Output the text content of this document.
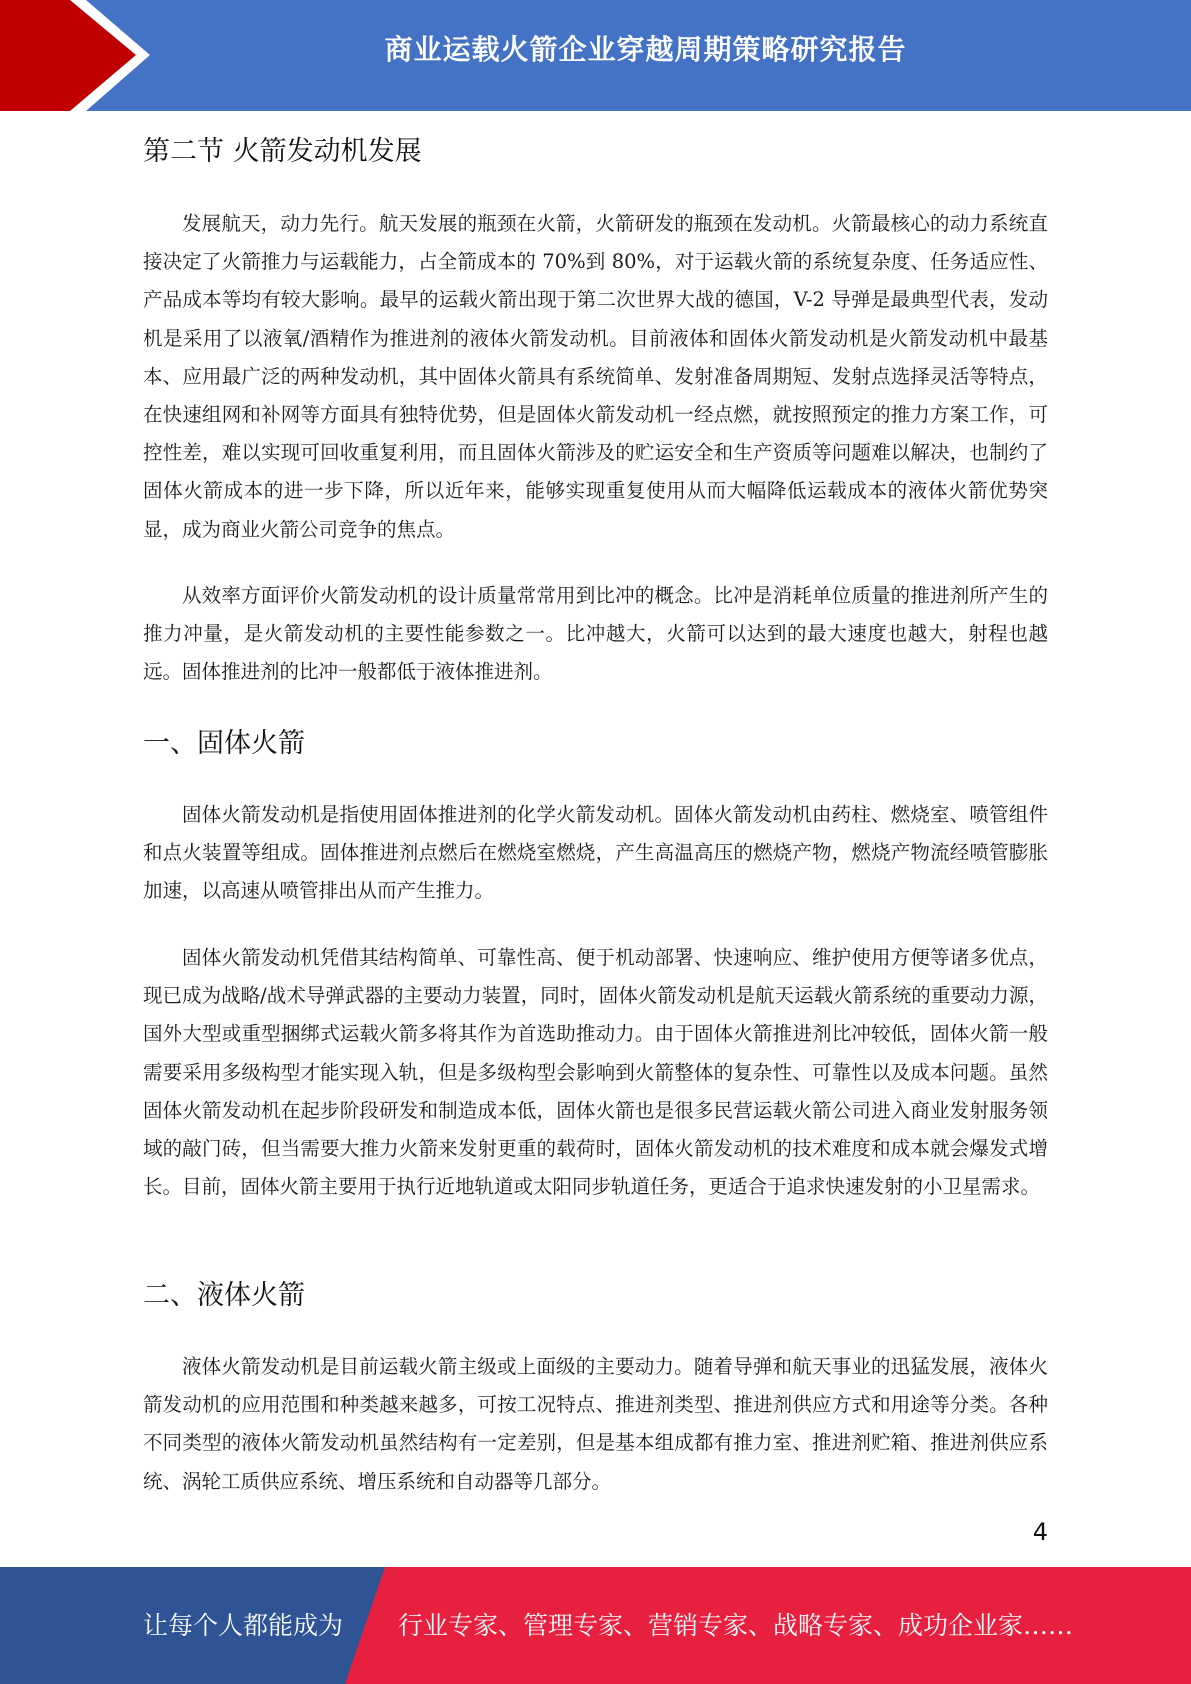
商业运载火箭企业穿越周期策略研究报告
第二节 火箭发动机发展

发展航天，动力先行。航天发展的瓶颈在火箭，火箭研发的瓶颈在发动机。火箭最核心的动力系统直接决定了火箭推力与运载能力，占全箭成本的 70%到 80%，对于运载火箭的系统复杂度、任务适应性、产品成本等均有较大影响。最早的运载火箭出现于第二次世界大战的德国，V-2 导弹是最典型代表，发动机是采用了以液氧/酒精作为推进剂的液体火箭发动机。目前液体和固体火箭发动机是火箭发动机中最基本、应用最广泛的两种发动机，其中固体火箭具有系统简单、发射准备周期短、发射点选择灵活等特点，在快速组网和补网等方面具有独特优势，但是固体火箭发动机一经点燃，就按照预定的推力方案工作，可控性差，难以实现可回收重复利用，而且固体火箭涉及的贮运安全和生产资质等问题难以解决，也制约了固体火箭成本的进一步下降，所以近年来，能够实现重复使用从而大幅降低运载成本的液体火箭优势突显，成为商业火箭公司竞争的焦点。

从效率方面评价火箭发动机的设计质量常常用到比冲的概念。比冲是消耗单位质量的推进剂所产生的推力冲量，是火箭发动机的主要性能参数之一。比冲越大，火箭可以达到的最大速度也越大，射程也越远。固体推进剂的比冲一般都低于液体推进剂。

一、固体火箭

固体火箭发动机是指使用固体推进剂的化学火箭发动机。固体火箭发动机由药柱、燃烧室、喷管组件和点火装置等组成。固体推进剂点燃后在燃烧室燃烧，产生高温高压的燃烧产物，燃烧产物流经喷管膨胀加速，以高速从喷管排出从而产生推力。

固体火箭发动机凭借其结构简单、可靠性高、便于机动部署、快速响应、维护使用方便等诸多优点，现已成为战略/战术导弹武器的主要动力装置，同时，固体火箭发动机是航天运载火箭系统的重要动力源，国外大型或重型捆绑式运载火箭多将其作为首选助推动力。由于固体火箭推进剂比冲较低，固体火箭一般需要采用多级构型才能实现入轨，但是多级构型会影响到火箭整体的复杂性、可靠性以及成本问题。虽然固体火箭发动机在起步阶段研发和制造成本低，固体火箭也是很多民营运载火箭公司进入商业发射服务领域的敲门砖，但当需要大推力火箭来发射更重的载荷时，固体火箭发动机的技术难度和成本就会爆发式增长。目前，固体火箭主要用于执行近地轨道或太阳同步轨道任务，更适合于追求快速发射的小卫星需求。

二、液体火箭

液体火箭发动机是目前运载火箭主级或上面级的主要动力。随着导弹和航天事业的迅猛发展，液体火箭发动机的应用范围和种类越来越多，可按工况特点、推进剂类型、推进剂供应方式和用途等分类。各种不同类型的液体火箭发动机虽然结构有一定差别，但是基本组成都有推力室、推进剂贮箱、推进剂供应系统、涡轮工质供应系统、增压系统和自动器等几部分。

4
让每个人都能成为 行业专家、管理专家、营销专家、战略专家、成功企业家……
